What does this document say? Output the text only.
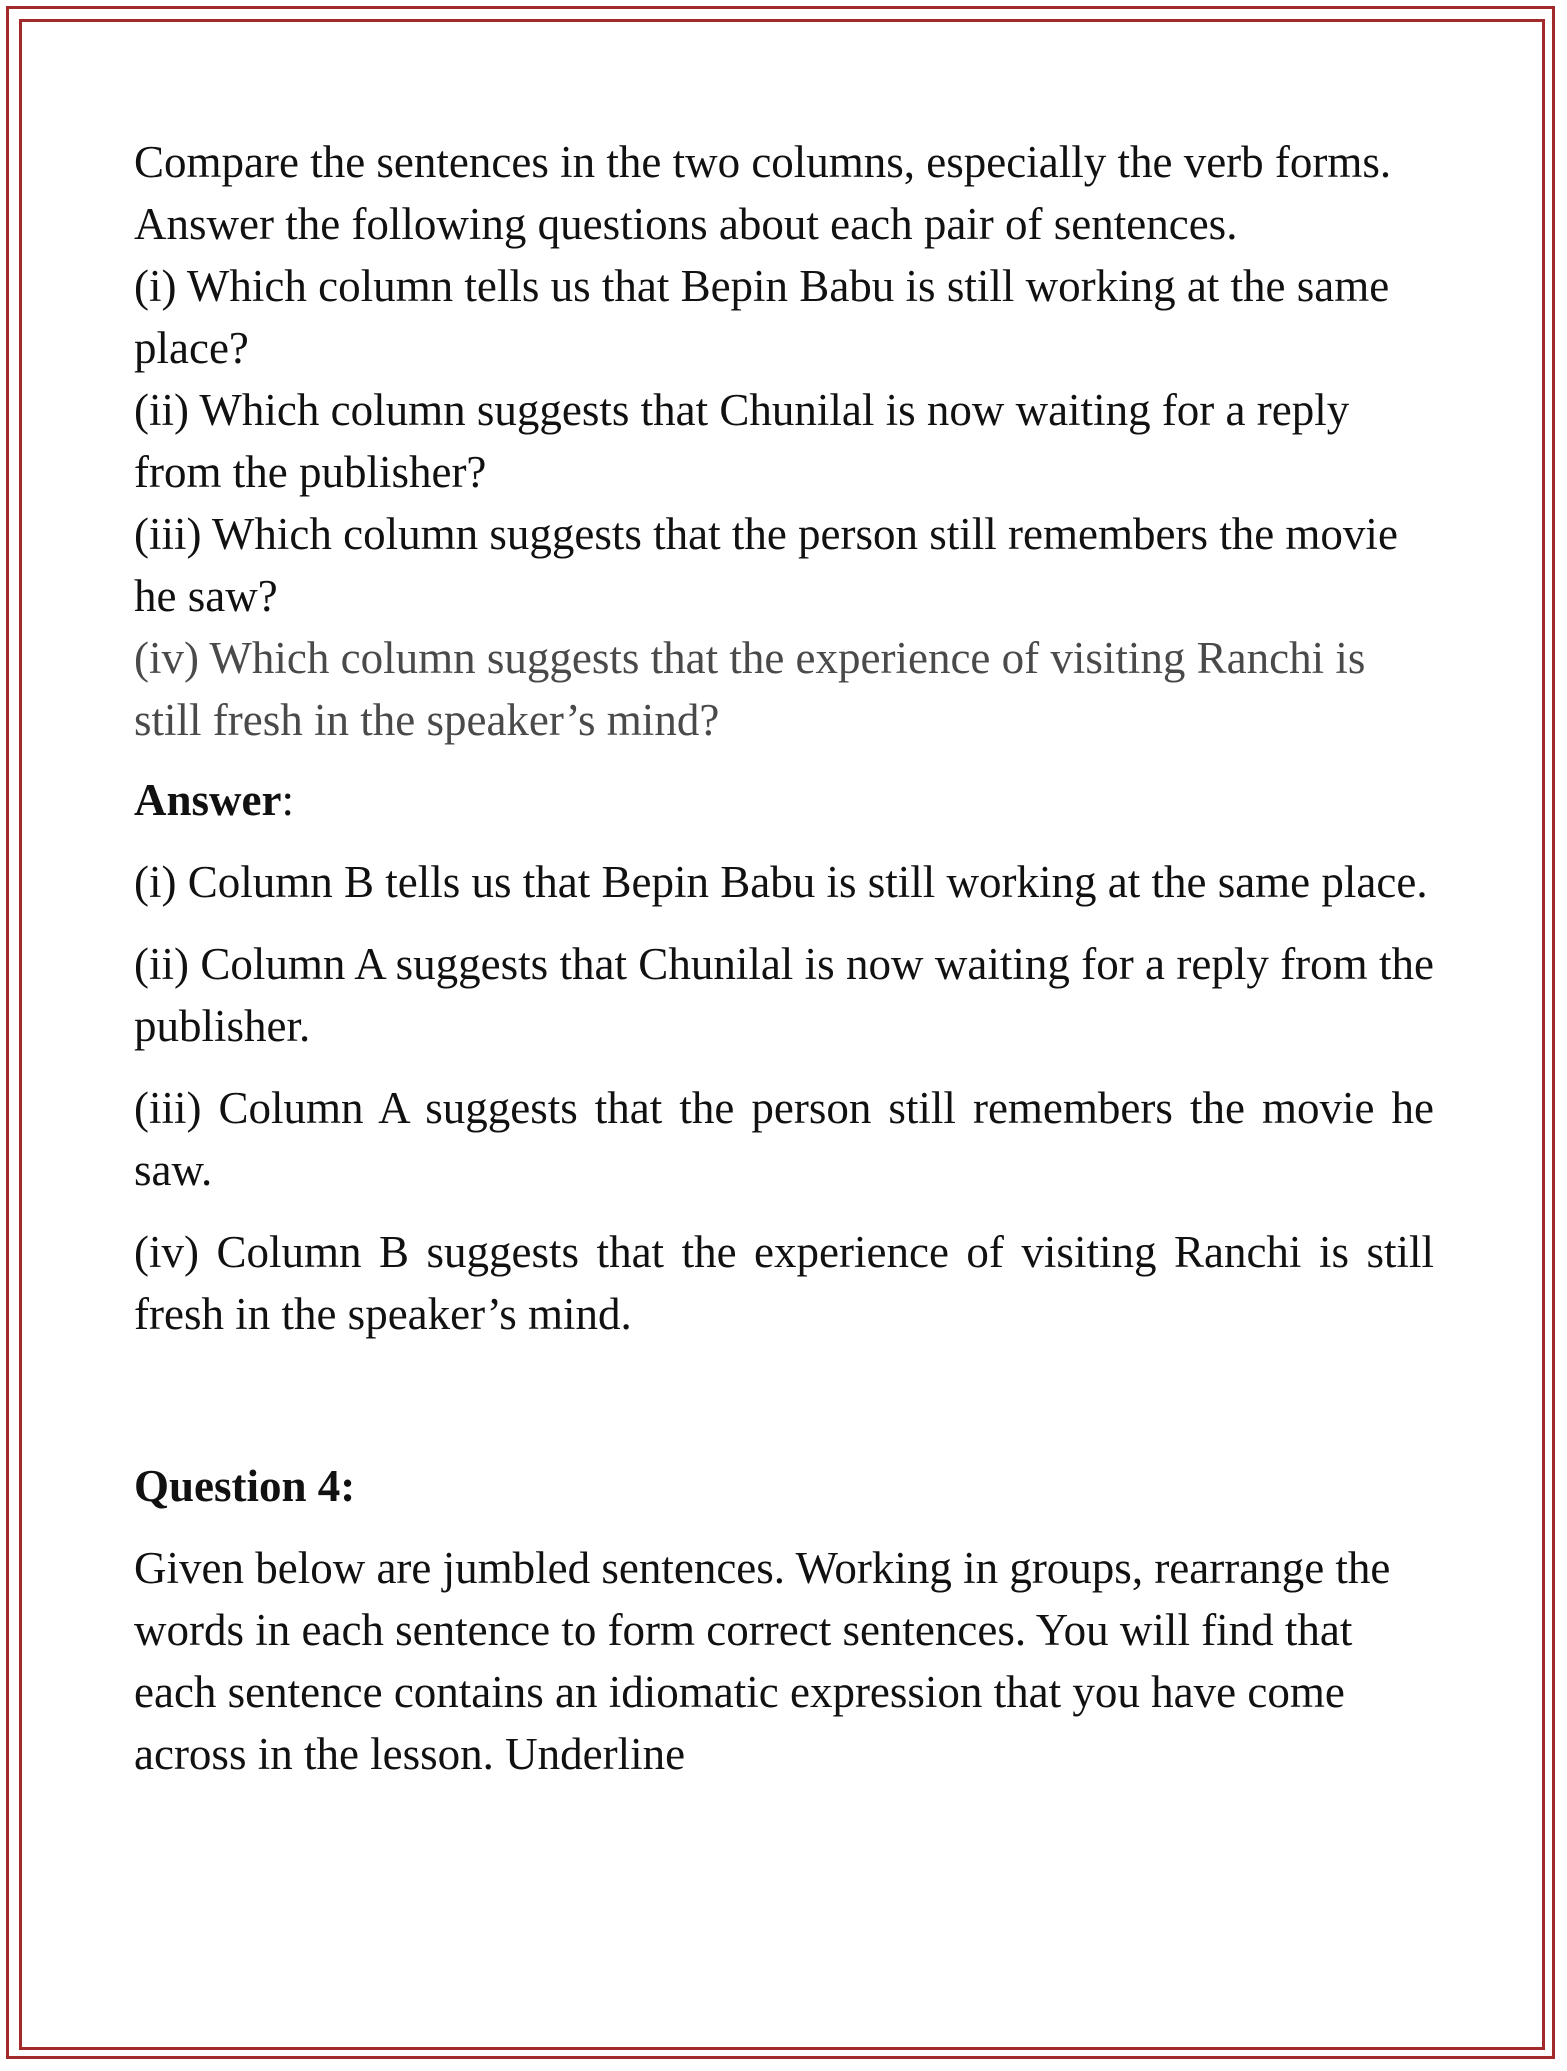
Compare the sentences in the two columns, especially the verb forms.

Answer the following questions about each pair of sentences.

(i) Which column tells us that Bepin Babu is still working at the same place?

(ii) Which column suggests that Chunilal is now waiting for a reply from the publisher?

(iii) Which column suggests that the person still remembers the movie he saw?

(iv) Which column suggests that the experience of visiting Ranchi is still fresh in the speaker’s mind?

Answer:

(i) Column B tells us that Bepin Babu is still working at the same place.

(ii) Column A suggests that Chunilal is now waiting for a reply from the publisher.

(iii) Column A suggests that the person still remembers the movie he saw.

(iv) Column B suggests that the experience of visiting Ranchi is still fresh in the speaker’s mind.

Question 4:

Given below are jumbled sentences. Working in groups, rearrange the words in each sentence to form correct sentences. You will find that each sentence contains an idiomatic expression that you have come across in the lesson. Underline
